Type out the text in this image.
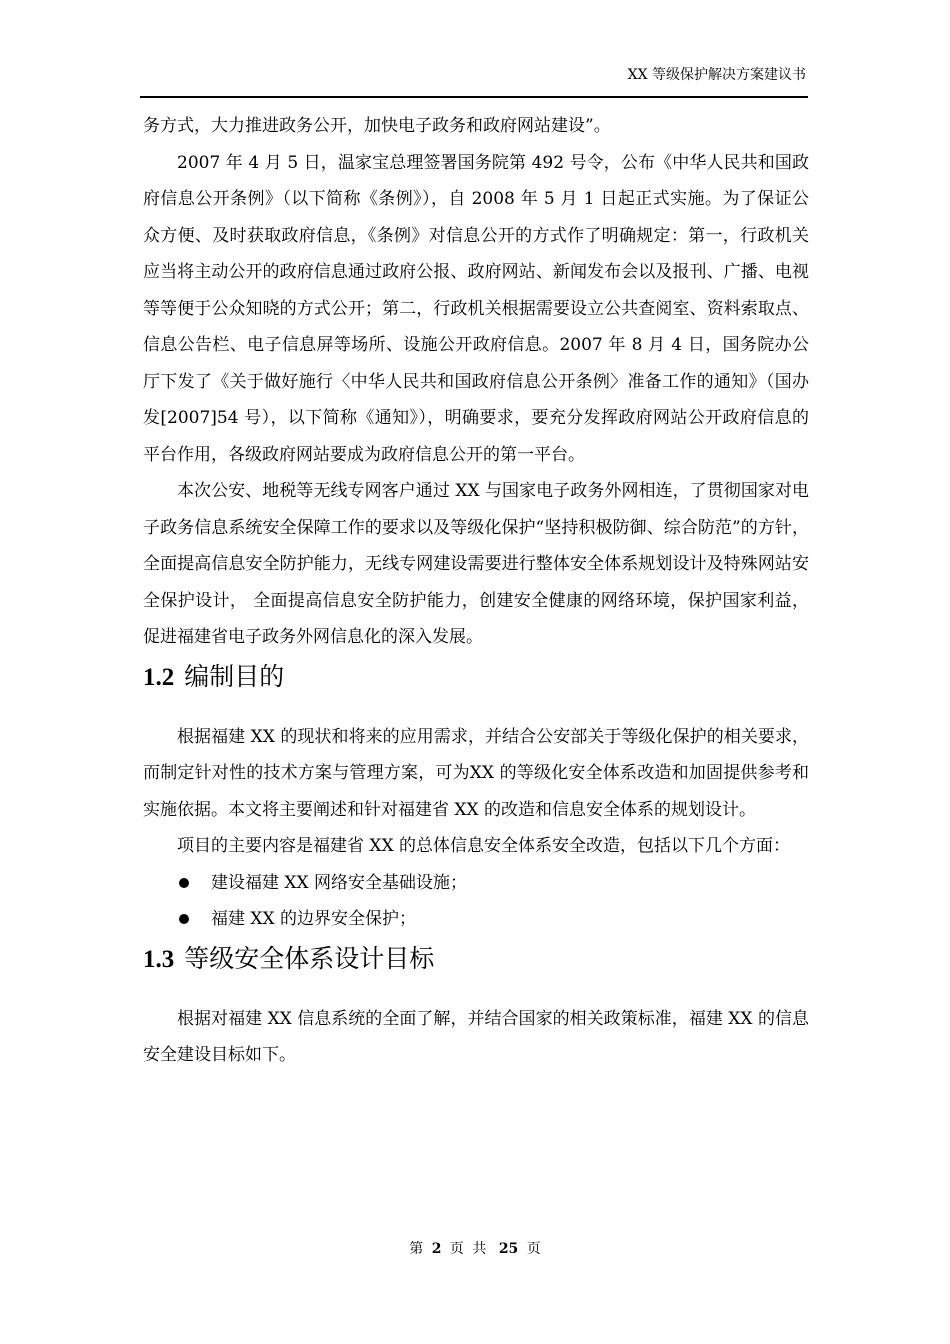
XX 等级保护解决方案建议书

务方式，大力推进政务公开，加快电子政务和政府网站建设”。

2007 年 4 月 5 日，温家宝总理签署国务院第 492 号令，公布《中华人民共和国政府信息公开条例》（以下简称《条例》），自 2008 年 5 月 1 日起正式实施。为了保证公众方便、及时获取政府信息，《条例》对信息公开的方式作了明确规定：第一，行政机关应当将主动公开的政府信息通过政府公报、政府网站、新闻发布会以及报刊、广播、电视等等便于公众知晓的方式公开；第二，行政机关根据需要设立公共查阅室、资料索取点、信息公告栏、电子信息屏等场所、设施公开政府信息。2007 年 8 月 4 日，国务院办公厅下发了《关于做好施行〈中华人民共和国政府信息公开条例〉准备工作的通知》（国办发[2007]54 号），以下简称《通知》），明确要求，要充分发挥政府网站公开政府信息的平台作用，各级政府网站要成为政府信息公开的第一平台。

本次公安、地税等无线专网客户通过 XX 与国家电子政务外网相连，了贯彻国家对电子政务信息系统安全保障工作的要求以及等级化保护“坚持积极防御、综合防范”的方针，全面提高信息安全防护能力，无线专网建设需要进行整体安全体系规划设计及特殊网站安全保护设计， 全面提高信息安全防护能力，创建安全健康的网络环境，保护国家利益，促进福建省电子政务外网信息化的深入发展。

1.2 编制目的

根据福建 XX 的现状和将来的应用需求，并结合公安部关于等级化保护的相关要求，而制定针对性的技术方案与管理方案，可为XX 的等级化安全体系改造和加固提供参考和实施依据。本文将主要阐述和针对福建省 XX 的改造和信息安全体系的规划设计。

项目的主要内容是福建省 XX 的总体信息安全体系安全改造，包括以下几个方面：

建设福建 XX 网络安全基础设施；
福建 XX 的边界安全保护；
1.3 等级安全体系设计目标

根据对福建 XX 信息系统的全面了解，并结合国家的相关政策标准，福建 XX 的信息安全建设目标如下。

第 2 页 共 25 页
